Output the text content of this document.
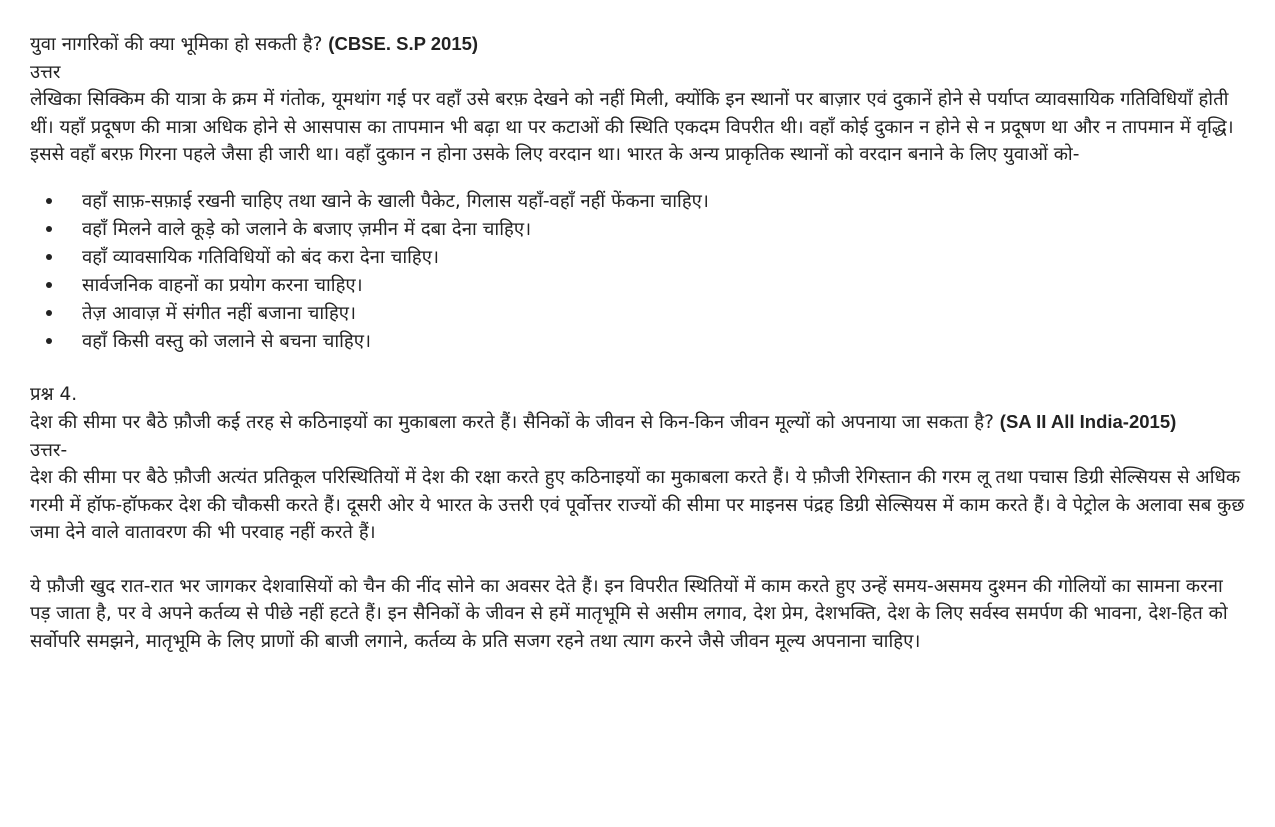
युवा नागरिकों की क्या भूमिका हो सकती है? (CBSE. S.P 2015)

उत्तर

लेखिका सिक्किम की यात्रा के क्रम में गंतोक, यूमथांग गई पर वहाँ उसे बरफ़ देखने को नहीं मिली, क्योंकि इन स्थानों पर बाज़ार एवं दुकानें होने से पर्याप्त व्यावसायिक गतिविधियाँ होती थीं। यहाँ प्रदूषण की मात्रा अधिक होने से आसपास का तापमान भी बढ़ा था पर कटाओं की स्थिति एकदम विपरीत थी। वहाँ कोई दुकान न होने से न प्रदूषण था और न तापमान में वृद्धि। इससे वहाँ बरफ़ गिरना पहले जैसा ही जारी था। वहाँ दुकान न होना उसके लिए वरदान था। भारत के अन्य प्राकृतिक स्थानों को वरदान बनाने के लिए युवाओं को-

वहाँ साफ़-सफ़ाई रखनी चाहिए तथा खाने के खाली पैकेट, गिलास यहाँ-वहाँ नहीं फेंकना चाहिए।
वहाँ मिलने वाले कूड़े को जलाने के बजाए ज़मीन में दबा देना चाहिए।
वहाँ व्यावसायिक गतिविधियों को बंद करा देना चाहिए।
सार्वजनिक वाहनों का प्रयोग करना चाहिए।
तेज़ आवाज़ में संगीत नहीं बजाना चाहिए।
वहाँ किसी वस्तु को जलाने से बचना चाहिए।

प्रश्न 4.

देश की सीमा पर बैठे फ़ौजी कई तरह से कठिनाइयों का मुकाबला करते हैं। सैनिकों के जीवन से किन-किन जीवन मूल्यों को अपनाया जा सकता है? (SA II All India-2015)

उत्तर-

देश की सीमा पर बैठे फ़ौजी अत्यंत प्रतिकूल परिस्थितियों में देश की रक्षा करते हुए कठिनाइयों का मुकाबला करते हैं। ये फ़ौजी रेगिस्तान की गरम लू तथा पचास डिग्री सेल्सियस से अधिक गरमी में हॉफ-हॉफकर देश की चौकसी करते हैं। दूसरी ओर ये भारत के उत्तरी एवं पूर्वोत्तर राज्यों की सीमा पर माइनस पंद्रह डिग्री सेल्सियस में काम करते हैं। वे पेट्रोल के अलावा सब कुछ जमा देने वाले वातावरण की भी परवाह नहीं करते हैं।

ये फ़ौजी खुद रात-रात भर जागकर देशवासियों को चैन की नींद सोने का अवसर देते हैं। इन विपरीत स्थितियों में काम करते हुए उन्हें समय-असमय दुश्मन की गोलियों का सामना करना पड़ जाता है, पर वे अपने कर्तव्य से पीछे नहीं हटते हैं। इन सैनिकों के जीवन से हमें मातृभूमि से असीम लगाव, देश प्रेम, देशभक्ति, देश के लिए सर्वस्व समर्पण की भावना, देश-हित को सर्वोपरि समझने, मातृभूमि के लिए प्राणों की बाजी लगाने, कर्तव्य के प्रति सजग रहने तथा त्याग करने जैसे जीवन मूल्य अपनाना चाहिए।
